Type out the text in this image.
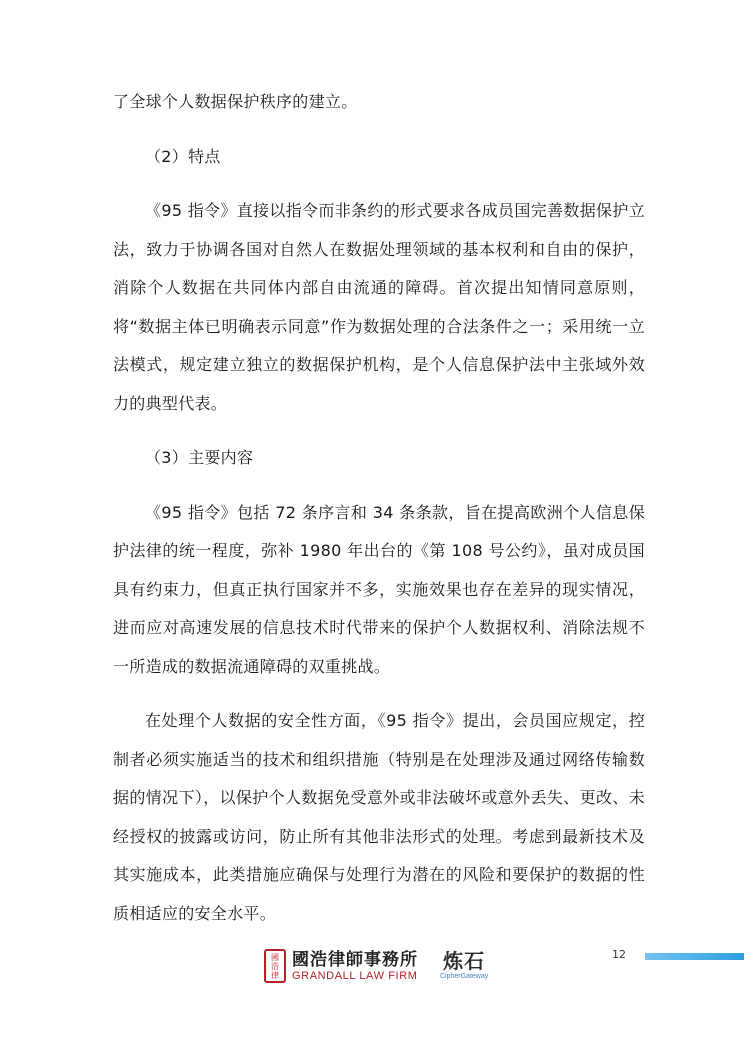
了全球个人数据保护秩序的建立。

（2）特点

《95 指令》直接以指令而非条约的形式要求各成员国完善数据保护立法，致力于协调各国对自然人在数据处理领域的基本权利和自由的保护，消除个人数据在共同体内部自由流通的障碍。首次提出知情同意原则，将“数据主体已明确表示同意”作为数据处理的合法条件之一；采用统一立法模式，规定建立独立的数据保护机构，是个人信息保护法中主张域外效力的典型代表。

（3）主要内容

《95 指令》包括 72 条序言和 34 条条款，旨在提高欧洲个人信息保护法律的统一程度，弥补 1980 年出台的《第 108 号公约》，虽对成员国具有约束力，但真正执行国家并不多，实施效果也存在差异的现实情况，进而应对高速发展的信息技术时代带来的保护个人数据权利、消除法规不一所造成的数据流通障碍的双重挑战。

在处理个人数据的安全性方面，《95 指令》提出，会员国应规定，控制者必须实施适当的技术和组织措施（特别是在处理涉及通过网络传输数据的情况下），以保护个人数据免受意外或非法破坏或意外丢失、更改、未经授权的披露或访问，防止所有其他非法形式的处理。考虑到最新技术及其实施成本，此类措施应确保与处理行为潜在的风险和要保护的数据的性质相适应的安全水平。

國
浩
律
國浩律師事務所
GRANDALL LAW FIRM
炼石
CipherGateway
12
